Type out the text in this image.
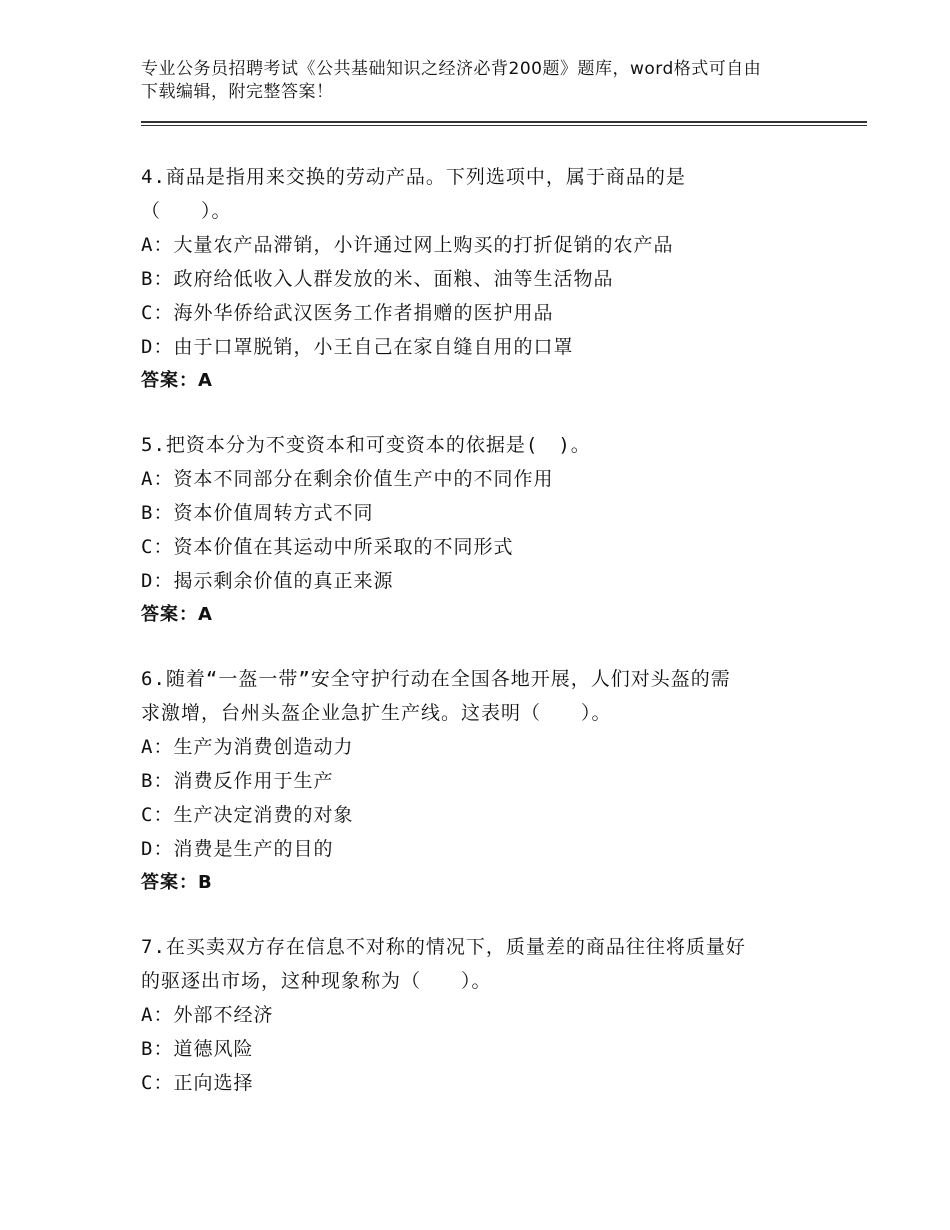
专业公务员招聘考试《公共基础知识之经济必背200题》题库，word格式可自由
下载编辑，附完整答案！
4.商品是指用来交换的劳动产品。下列选项中，属于商品的是
（　　）。
A：大量农产品滞销，小许通过网上购买的打折促销的农产品
B：政府给低收入人群发放的米、面粮、油等生活物品
C：海外华侨给武汉医务工作者捐赠的医护用品
D：由于口罩脱销，小王自己在家自缝自用的口罩
答案：A
5.把资本分为不变资本和可变资本的依据是(　)。
A：资本不同部分在剩余价值生产中的不同作用
B：资本价值周转方式不同
C：资本价值在其运动中所采取的不同形式
D：揭示剩余价值的真正来源
答案：A
6.随着“一盔一带”安全守护行动在全国各地开展，人们对头盔的需
求激增，台州头盔企业急扩生产线。这表明（　　）。
A：生产为消费创造动力
B：消费反作用于生产
C：生产决定消费的对象
D：消费是生产的目的
答案：B
7.在买卖双方存在信息不对称的情况下，质量差的商品往往将质量好
的驱逐出市场，这种现象称为（　　）。
A：外部不经济
B：道德风险
C：正向选择
